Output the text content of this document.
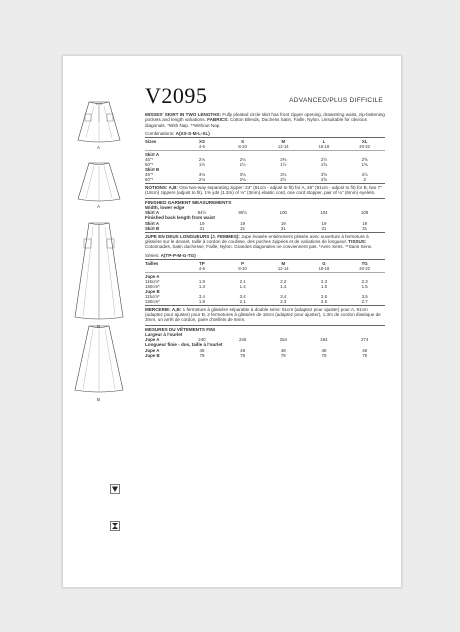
A
A
B
B
V2095	ADVANCED/PLUS DIFFICILE

MISSES' SKIRT IN TWO LENGTHS: Fully pleated circle skirt has front zipper opening, drawstring waist, zip-fastening pockets and length variations. FABRICS: Cotton Blends, Duchess Satin, Faille, Nylon. Unsuitable for obvious diagonals. *With Nap. **Without Nap.

Combinations: A(XS-S-M-L-XL)
Sizes	XS	S	M	L	XL
	4-6	8-10	12-14	16-18	20-22
Skirt A					
45"*	2⅛	2⅛	2⅜	2½	2⅝
60"*	1½	1½	1½	1⅝	1⅝
Skirt B					
45"*	3⅛	3⅛	3⅛	3⅝	3⅞
60"*	2⅛	2⅛	2½	2⅝	3

NOTIONS: A,B: One two-way separating zipper: 24" (61cm - adjust to fit) for A, 36" (91cm - adjust to fit) for B, two 7" (18cm) zippers (adjust to fit), 1⅜ yds (1.3m) of ⅛" (3mm) elastic cord, one cord stopper, pair of ¼" (6mm) eyelets.

FINISHED GARMENT MEASUREMENTS
Width, lower edge
Skirt A	84½	90½	100	104	108
Finished back length from waist
Skirt A	19	19	19	19	19
Skirt B	31	31	31	31	31

JUPE EN DEUX LONGUEURS (J. FEMMES): Jupe évasée entièrement plissée avec ouverture à fermeture à glissière sur le devant, taille à cordon de coulisse, des poches zippées et de variations de longueur. TISSUS: Cotonnades, Satin duchesse, Faille, Nylon. Grandes diagonales ne conviennent pas. *Avec Sens. **Sans Sens.

Séries: A(TP-P-M-G-TG)
Tailles	TP	P	M	G	TG
	4-6	8-10	12-14	16-18	20-22
Jupe A					
115cm*	1.9	2.1	2.2	2.3	2.3
150cm*	1.3	1.4	1.4	1.5	1.5
Jupe B					
115cm*	3.4	3.4	3.4	3.5	3.5
150cm*	1.9	2.1	2.3	2.5	2.7

MERCERIE: A,B: 1 fermeture à glissière séparable à double sens: 61cm (adaptez pour ajuster) pour A, 91cm (adaptez pour ajuster) pour B, 2 fermetures à glissière de 18cm (adaptez pour ajuster), 1.3m de cordon élastique de 3mm, un arrêt de cordon, paire d'œillets de 6mm.

MESURES DU VÊTEMENTS FINI
Largeur à l'ourlet
Jupe A	240	245	254	264	274
Longueur finie - dos, taille à l'ourlet
Jupe A	48	48	48	48	48
Jupe B	79	79	79	79	79
